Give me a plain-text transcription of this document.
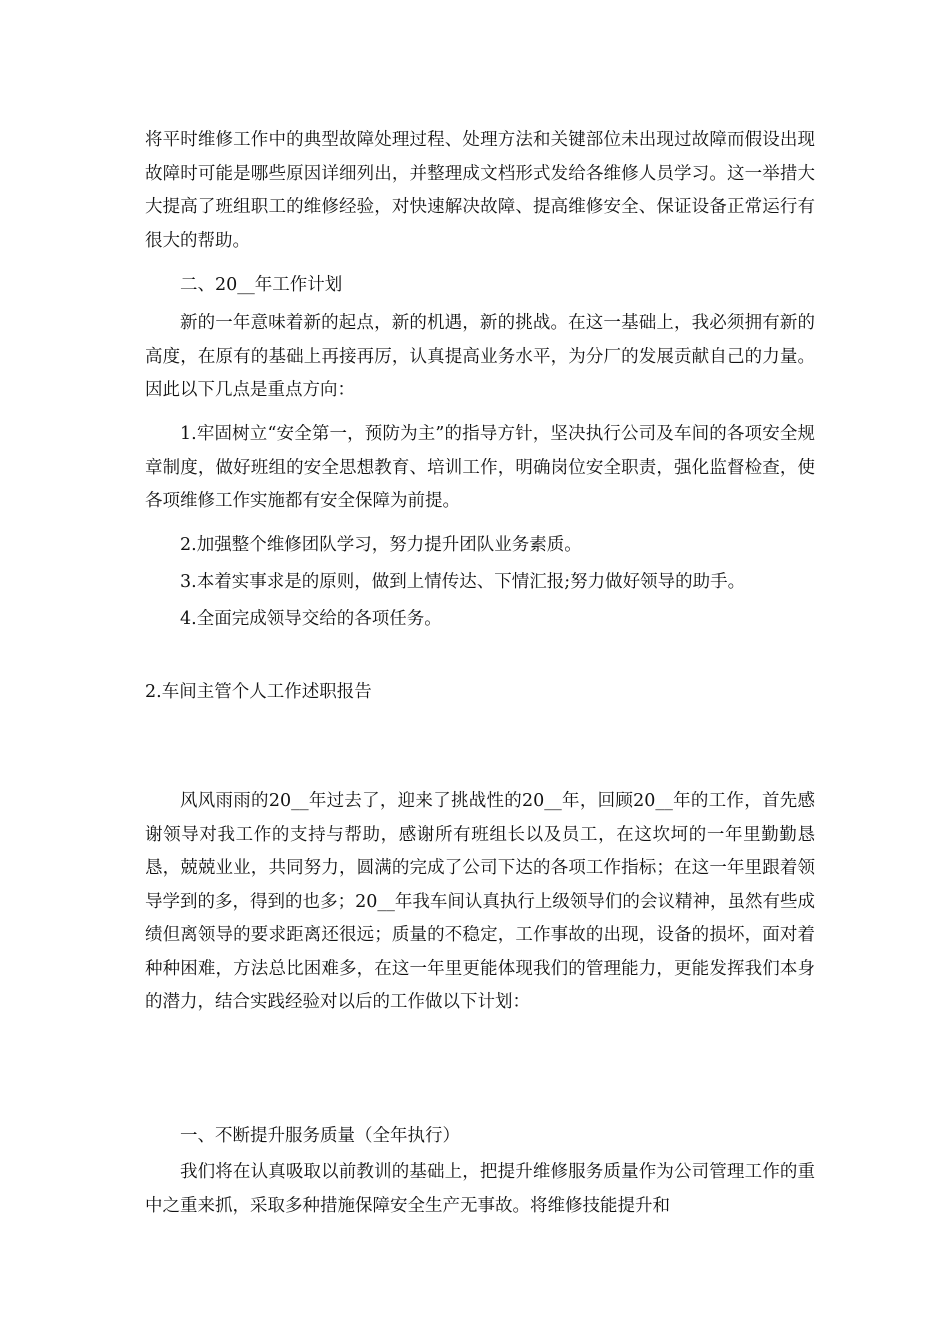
将平时维修工作中的典型故障处理过程、处理方法和关键部位未出现过故障而假设出现故障时可能是哪些原因详细列出，并整理成文档形式发给各维修人员学习。这一举措大大提高了班组职工的维修经验，对快速解决故障、提高维修安全、保证设备正常运行有很大的帮助。

二、20__年工作计划

新的一年意味着新的起点，新的机遇，新的挑战。在这一基础上，我必须拥有新的高度，在原有的基础上再接再厉，认真提高业务水平，为分厂的发展贡献自己的力量。因此以下几点是重点方向：

1.牢固树立“安全第一，预防为主”的指导方针，坚决执行公司及车间的各项安全规章制度，做好班组的安全思想教育、培训工作，明确岗位安全职责，强化监督检查，使各项维修工作实施都有安全保障为前提。

2.加强整个维修团队学习，努力提升团队业务素质。

3.本着实事求是的原则，做到上情传达、下情汇报;努力做好领导的助手。

4.全面完成领导交给的各项任务。

2.车间主管个人工作述职报告

风风雨雨的20__年过去了，迎来了挑战性的20__年，回顾20__年的工作，首先感谢领导对我工作的支持与帮助，感谢所有班组长以及员工，在这坎坷的一年里勤勤恳恳，兢兢业业，共同努力，圆满的完成了公司下达的各项工作指标；在这一年里跟着领导学到的多，得到的也多；20__年我车间认真执行上级领导们的会议精神，虽然有些成绩但离领导的要求距离还很远；质量的不稳定，工作事故的出现，设备的损坏，面对着种种困难，方法总比困难多，在这一年里更能体现我们的管理能力，更能发挥我们本身的潜力，结合实践经验对以后的工作做以下计划：

一、不断提升服务质量（全年执行）

我们将在认真吸取以前教训的基础上，把提升维修服务质量作为公司管理工作的重中之重来抓，采取多种措施保障安全生产无事故。将维修技能提升和
